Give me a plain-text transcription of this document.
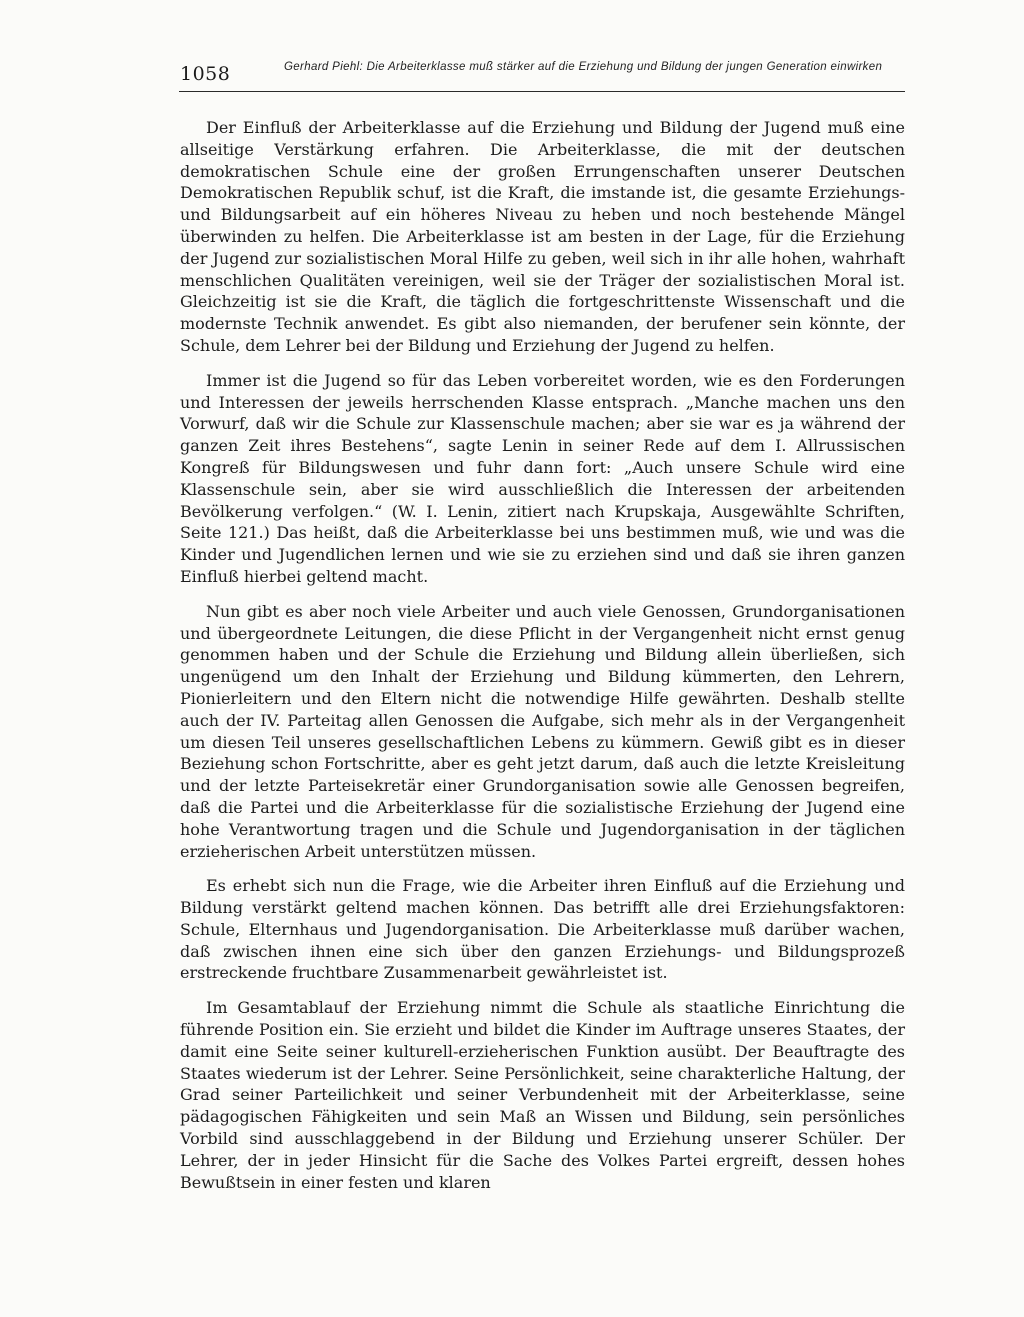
1058	Gerhard Piehl: Die Arbeiterklasse muß stärker auf die Erziehung und Bildung der jungen Generation einwirken

Der Einfluß der Arbeiterklasse auf die Erziehung und Bildung der Jugend muß eine allseitige Verstärkung erfahren. Die Arbeiterklasse, die mit der deutschen demokratischen Schule eine der großen Errungenschaften unserer Deutschen Demokratischen Republik schuf, ist die Kraft, die imstande ist, die gesamte Erziehungs- und Bildungsarbeit auf ein höheres Niveau zu heben und noch bestehende Mängel überwinden zu helfen. Die Arbeiterklasse ist am besten in der Lage, für die Erziehung der Jugend zur sozialistischen Moral Hilfe zu geben, weil sich in ihr alle hohen, wahrhaft menschlichen Qualitäten vereinigen, weil sie der Träger der sozialistischen Moral ist. Gleichzeitig ist sie die Kraft, die täglich die fortgeschrittenste Wissenschaft und die modernste Technik anwendet. Es gibt also niemanden, der berufener sein könnte, der Schule, dem Lehrer bei der Bildung und Erziehung der Jugend zu helfen.

Immer ist die Jugend so für das Leben vorbereitet worden, wie es den Forderungen und Interessen der jeweils herrschenden Klasse entsprach. „Manche machen uns den Vorwurf, daß wir die Schule zur Klassenschule machen; aber sie war es ja während der ganzen Zeit ihres Bestehens“, sagte Lenin in seiner Rede auf dem I. Allrussischen Kongreß für Bildungswesen und fuhr dann fort: „Auch unsere Schule wird eine Klassenschule sein, aber sie wird ausschließlich die Interessen der arbeitenden Bevölkerung verfolgen.“ (W. I. Lenin, zitiert nach Krupskaja, Ausgewählte Schriften, Seite 121.) Das heißt, daß die Arbeiterklasse bei uns bestimmen muß, wie und was die Kinder und Jugendlichen lernen und wie sie zu erziehen sind und daß sie ihren ganzen Einfluß hierbei geltend macht.

Nun gibt es aber noch viele Arbeiter und auch viele Genossen, Grundorganisationen und übergeordnete Leitungen, die diese Pflicht in der Vergangenheit nicht ernst genug genommen haben und der Schule die Erziehung und Bildung allein überließen, sich ungenügend um den Inhalt der Erziehung und Bildung kümmerten, den Lehrern, Pionierleitern und den Eltern nicht die notwendige Hilfe gewährten. Deshalb stellte auch der IV. Parteitag allen Genossen die Aufgabe, sich mehr als in der Vergangenheit um diesen Teil unseres gesellschaftlichen Lebens zu kümmern. Gewiß gibt es in dieser Beziehung schon Fortschritte, aber es geht jetzt darum, daß auch die letzte Kreisleitung und der letzte Parteisekretär einer Grundorganisation sowie alle Genossen begreifen, daß die Partei und die Arbeiterklasse für die sozialistische Erziehung der Jugend eine hohe Verantwortung tragen und die Schule und Jugendorganisation in der täglichen erzieherischen Arbeit unterstützen müssen.

Es erhebt sich nun die Frage, wie die Arbeiter ihren Einfluß auf die Erziehung und Bildung verstärkt geltend machen können. Das betrifft alle drei Erziehungsfaktoren: Schule, Elternhaus und Jugendorganisation. Die Arbeiterklasse muß darüber wachen, daß zwischen ihnen eine sich über den ganzen Erziehungs- und Bildungsprozeß erstreckende fruchtbare Zusammenarbeit gewährleistet ist.

Im Gesamtablauf der Erziehung nimmt die Schule als staatliche Einrichtung die führende Position ein. Sie erzieht und bildet die Kinder im Auftrage unseres Staates, der damit eine Seite seiner kulturell-erzieherischen Funktion ausübt. Der Beauftragte des Staates wiederum ist der Lehrer. Seine Persönlichkeit, seine charakterliche Haltung, der Grad seiner Parteilichkeit und seiner Verbundenheit mit der Arbeiterklasse, seine pädagogischen Fähigkeiten und sein Maß an Wissen und Bildung, sein persönliches Vorbild sind ausschlaggebend in der Bildung und Erziehung unserer Schüler. Der Lehrer, der in jeder Hinsicht für die Sache des Volkes Partei ergreift, dessen hohes Bewußtsein in einer festen und klaren
